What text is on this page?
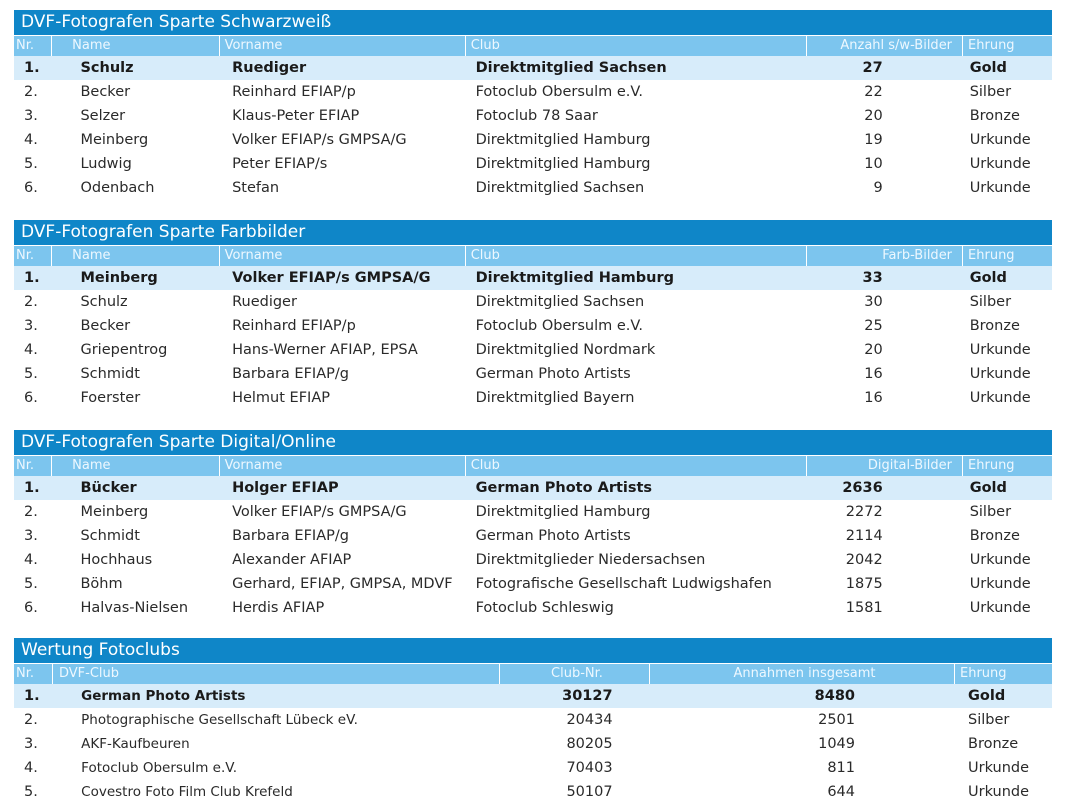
DVF-Fotografen Sparte Schwarzweiß
Nr.	Name	Vorname	Club	Anzahl s/w-Bilder	Ehrung
1.	Schulz	Ruediger	Direktmitglied Sachsen	27	Gold
2.	Becker	Reinhard EFIAP/p	Fotoclub Obersulm e.V.	22	Silber
3.	Selzer	Klaus-Peter EFIAP	Fotoclub 78 Saar	20	Bronze
4.	Meinberg	Volker EFIAP/s GMPSA/G	Direktmitglied Hamburg	19	Urkunde
5.	Ludwig	Peter EFIAP/s	Direktmitglied Hamburg	10	Urkunde
6.	Odenbach	Stefan	Direktmitglied Sachsen	9	Urkunde
DVF-Fotografen Sparte Farbbilder
Nr.	Name	Vorname	Club	Farb-Bilder	Ehrung
1.	Meinberg	Volker EFIAP/s GMPSA/G	Direktmitglied Hamburg	33	Gold
2.	Schulz	Ruediger	Direktmitglied Sachsen	30	Silber
3.	Becker	Reinhard EFIAP/p	Fotoclub Obersulm e.V.	25	Bronze
4.	Griepentrog	Hans-Werner AFIAP, EPSA	Direktmitglied Nordmark	20	Urkunde
5.	Schmidt	Barbara EFIAP/g	German Photo Artists	16	Urkunde
6.	Foerster	Helmut EFIAP	Direktmitglied Bayern	16	Urkunde
DVF-Fotografen Sparte Digital/Online
Nr.	Name	Vorname	Club	Digital-Bilder	Ehrung
1.	Bücker	Holger EFIAP	German Photo Artists	2636	Gold
2.	Meinberg	Volker EFIAP/s GMPSA/G	Direktmitglied Hamburg	2272	Silber
3.	Schmidt	Barbara EFIAP/g	German Photo Artists	2114	Bronze
4.	Hochhaus	Alexander AFIAP	Direktmitglieder Niedersachsen	2042	Urkunde
5.	Böhm	Gerhard, EFIAP, GMPSA, MDVF	Fotografische Gesellschaft Ludwigshafen	1875	Urkunde
6.	Halvas-Nielsen	Herdis AFIAP	Fotoclub Schleswig	1581	Urkunde
Wertung Fotoclubs
Nr.	DVF-Club	Club-Nr.	Annahmen insgesamt	Ehrung
1.	German Photo Artists	30127	8480	Gold
2.	Photographische Gesellschaft Lübeck eV.	20434	2501	Silber
3.	AKF-Kaufbeuren	80205	1049	Bronze
4.	Fotoclub Obersulm e.V.	70403	811	Urkunde
5.	Covestro Foto Film Club Krefeld	50107	644	Urkunde
